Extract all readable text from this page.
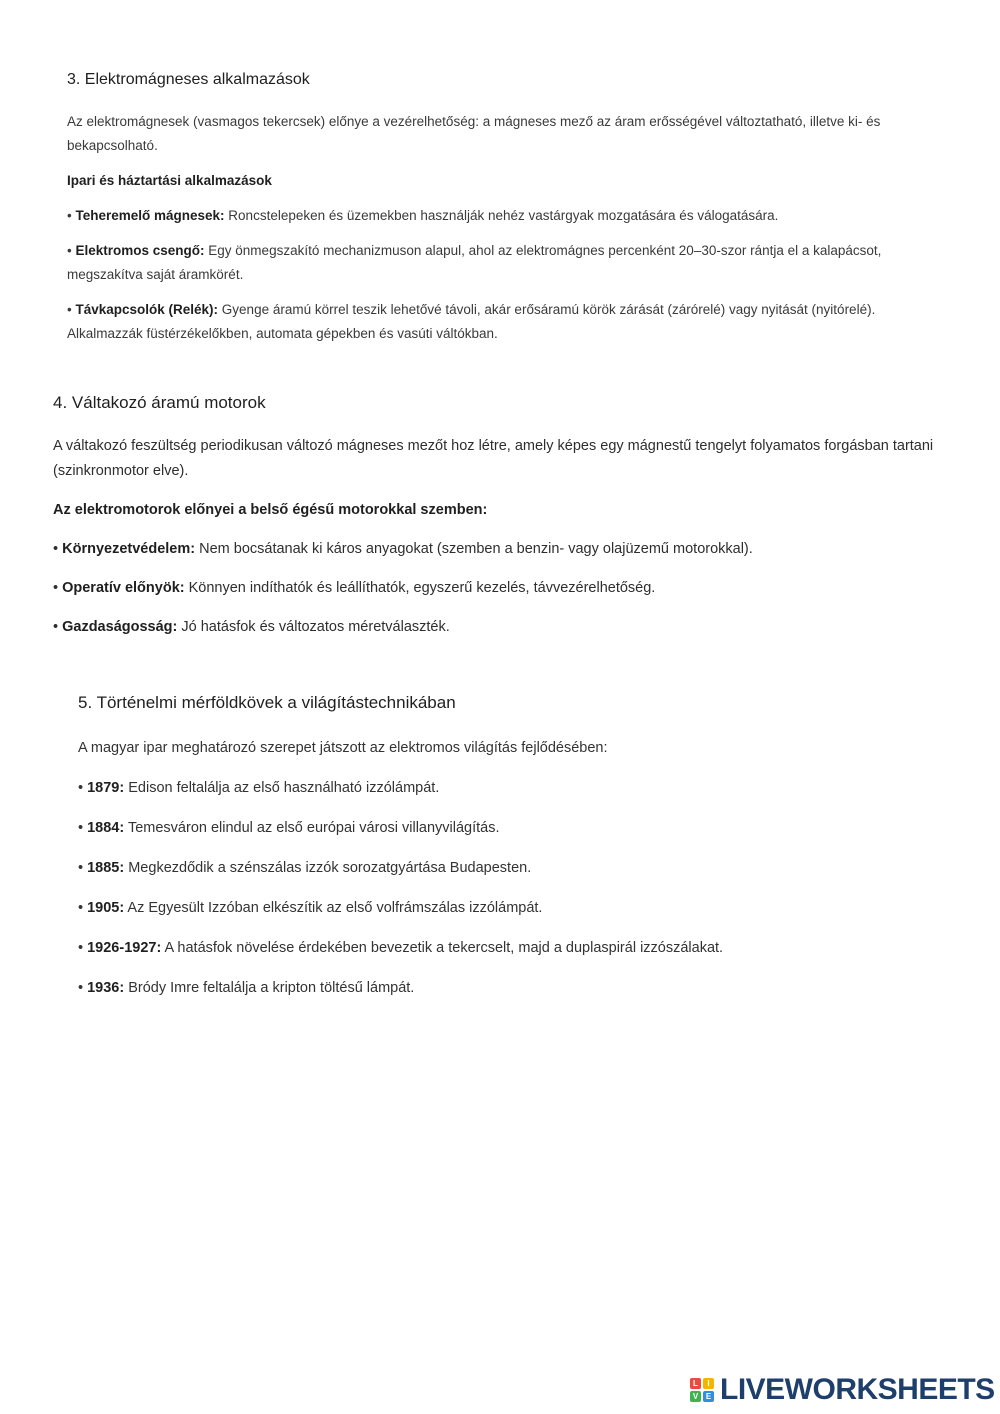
3. Elektromágneses alkalmazások

Az elektromágnesek (vasmagos tekercsek) előnye a vezérelhetőség: a mágneses mező az áram erősségével változtatható, illetve ki- és bekapcsolható.

Ipari és háztartási alkalmazások

• Teheremelő mágnesek: Roncstelepeken és üzemekben használják nehéz vastárgyak mozgatására és válogatására.

• Elektromos csengő: Egy önmegszakító mechanizmuson alapul, ahol az elektromágnes percenként 20–30-szor rántja el a kalapácsot, megszakítva saját áramkörét.

• Távkapcsolók (Relék): Gyenge áramú körrel teszik lehetővé távoli, akár erősáramú körök zárását (zárórelé) vagy nyitását (nyitórelé). Alkalmazzák füstérzékelőkben, automata gépekben és vasúti váltókban.

4. Váltakozó áramú motorok

A váltakozó feszültség periodikusan változó mágneses mezőt hoz létre, amely képes egy mágnestű tengelyt folyamatos forgásban tartani (szinkronmotor elve).

Az elektromotorok előnyei a belső égésű motorokkal szemben:

• Környezetvédelem: Nem bocsátanak ki káros anyagokat (szemben a benzin- vagy olajüzemű motorokkal).

• Operatív előnyök: Könnyen indíthatók és leállíthatók, egyszerű kezelés, távvezérelhetőség.

• Gazdaságosság: Jó hatásfok és változatos méretválaszték.

5. Történelmi mérföldkövek a világítástechnikában

A magyar ipar meghatározó szerepet játszott az elektromos világítás fejlődésében:

• 1879: Edison feltalálja az első használható izzólámpát.

• 1884: Temesváron elindul az első európai városi villanyvilágítás.

• 1885: Megkezdődik a szénszálas izzók sorozatgyártása Budapesten.

• 1905: Az Egyesült Izzóban elkészítik az első volfrámszálas izzólámpát.

• 1926-1927: A hatásfok növelése érdekében bevezetik a tekercselt, majd a duplaspirál izzószálakat.

• 1936: Bródy Imre feltalálja a kripton töltésű lámpát.

L	I
V E LIVEWORKSHEETS
